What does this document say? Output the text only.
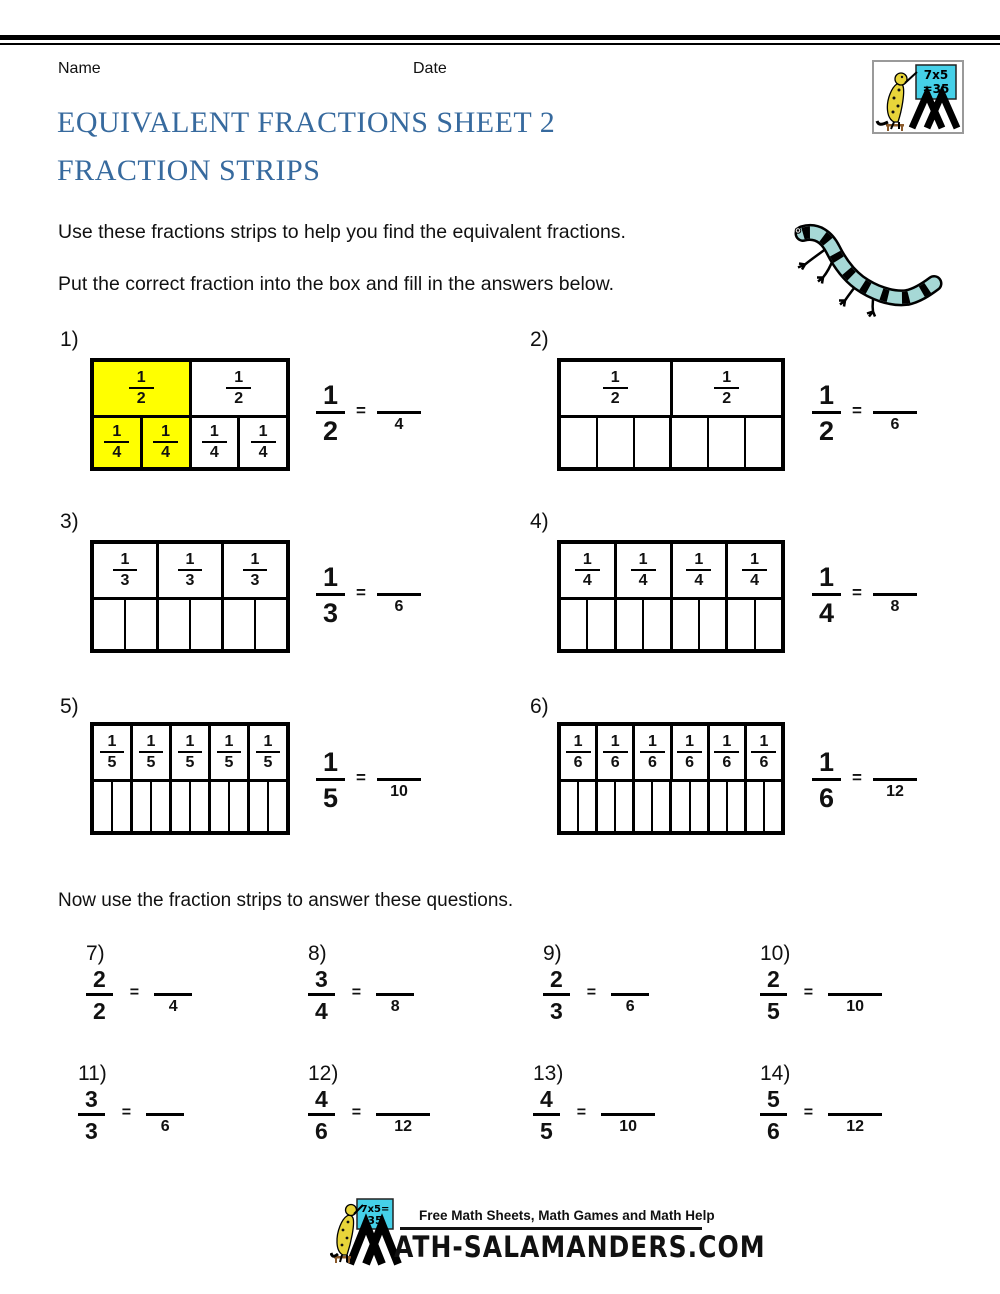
Name	Date	7x5
=35
EQUIVALENT FRACTIONS SHEET 2
FRACTION STRIPS
Use these fractions strips to help you find the equivalent fractions.
Put the correct fraction into the box and fill in the answers below.
1)
$\frac{1}{2}$	$\frac{1}{2}$
$\frac{1}{4} \frac{1}{4} \frac{1}{4} \frac{1}{4} \frac{1}{2}$ =
4
2)
$\frac{1}{2}$	$\frac{1}{2}$	$\frac{1}{2}$ =
6
3)
$\frac{1}{3}$	$\frac{1}{3}$	$\frac{1}{3} \frac{1}{3}$ =
6
4)
$\frac{1}{4} \frac{1}{4} \frac{1}{4} \frac{1}{4} \frac{1}{4}$ =
8
5)
$\frac{1}{5} \frac{1}{5} \frac{1}{5} \frac{1}{5} \frac{1}{5} \frac{1}{5}$ =
10
6)
$\frac{1}{6} \frac{1}{6} \frac{1}{6} \frac{1}{6} \frac{1}{6} \frac{1}{6} \frac{1}{6}$ =
12
Now use the fraction strips to answer these questions.
7)
$\frac{2}{2}$ =
4
8)
$\frac{3}{4}$ =
8
9)
$\frac{2}{3}$ =
6
10)
$\frac{2}{5}$ =
10
11)
$\frac{3}{3}$ =
6
12)
$\frac{4}{6}$ =
12
13)
$\frac{4}{5}$ =
10
14)
$\frac{5}{6}$ =
12
7x5=
35	Free Math Sheets, Math Games and Math Help
ATH-SALAMANDERS.COM
